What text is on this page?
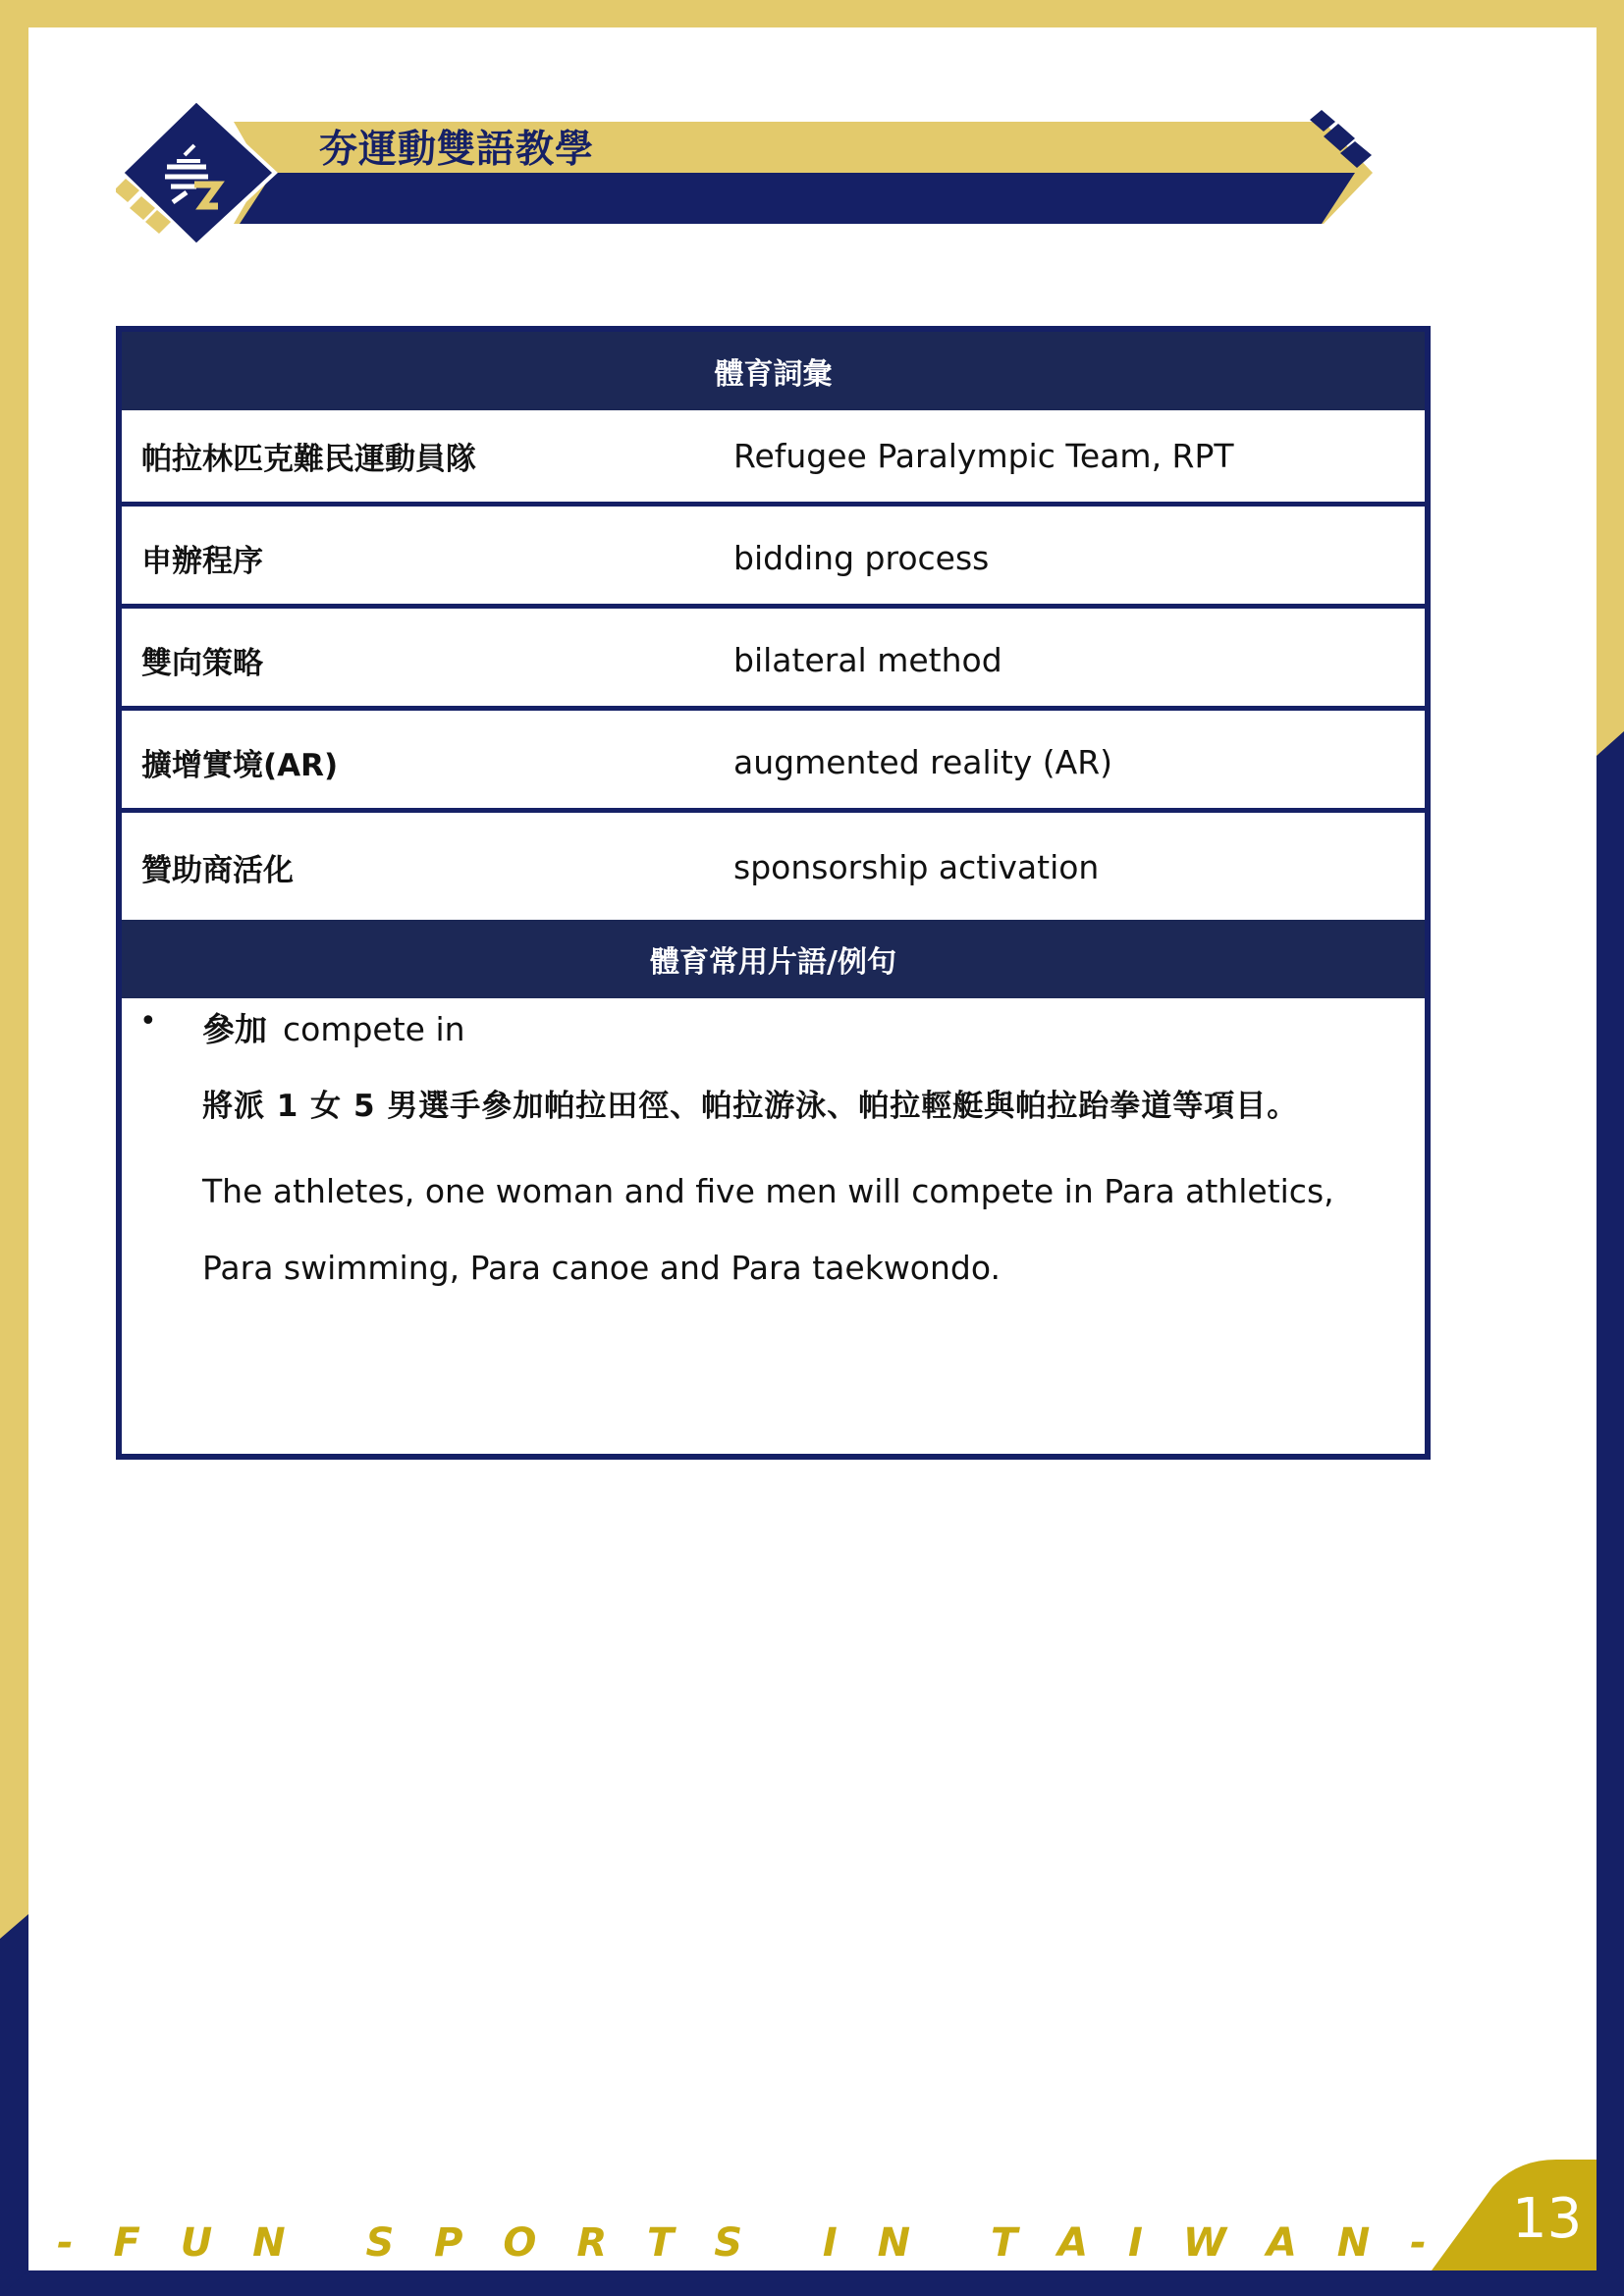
夯運動雙語教學
體育詞彙
帕拉林匹克難民運動員隊	Refugee Paralympic Team, RPT
申辦程序	bidding process
雙向策略	bilateral method
擴增實境(AR)	augmented reality (AR)
贊助商活化	sponsorship activation
體育常用片語/例句
• 參加 compete in
將派 1 女 5 男選手參加帕拉田徑、帕拉游泳、帕拉輕艇與帕拉跆拳道等項目。
The athletes, one woman and five men will compete in Para athletics, Para swimming, Para canoe and Para taekwondo.
- F U N S P O R T S I N T A I W A N - 13
